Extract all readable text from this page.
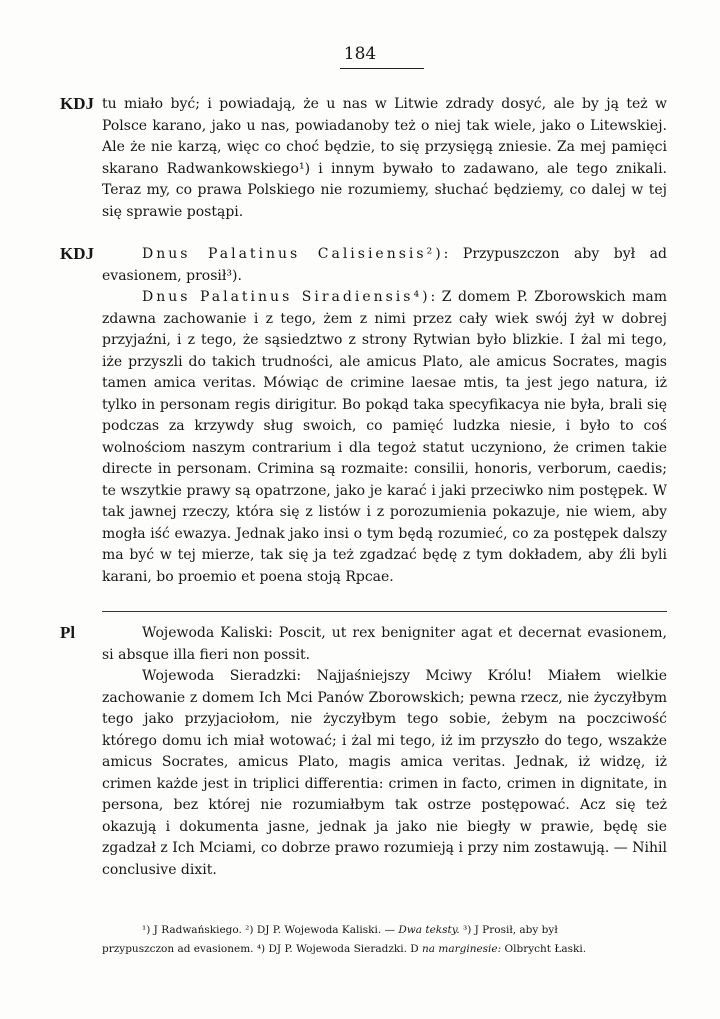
184
KDJ tu miało być; i powiadają, że u nas w Litwie zdrady dosyć, ale by ją też w Polsce karano, jako u nas, powiadanoby też o niej tak wiele, jako o Litewskiej. Ale że nie karzą, więc co choć będzie, to się przysięgą zniesie. Za mej pamięci skarano Radwankowskiego¹) i innym bywało to zadawano, ale tego znikali. Teraz my, co prawa Polskiego nie rozumiemy, słuchać będziemy, co dalej w tej się sprawie postąpi.

KDJ	Dnus Palatinus Calisiensis²): Przypuszczon aby był ad evasionem, prosił³).

Dnus Palatinus Siradiensis⁴): Z domem P. Zborowskich mam zdawna zachowanie i z tego, żem z nimi przez cały wiek swój żył w dobrej przyjaźni, i z tego, że sąsiedztwo z strony Rytwian było blizkie. I żal mi tego, iże przyszli do takich trudności, ale amicus Plato, ale amicus Socrates, magis tamen amica veritas. Mówiąc de crimine laesae mtis, ta jest jego natura, iż tylko in personam regis dirigitur. Bo pokąd taka specyfikacya nie była, brali się podczas za krzywdy sług swoich, co pamięć ludzka niesie, i było to coś wolnościom naszym contrarium i dla tegoż statut uczyniono, że crimen takie directe in personam. Crimina są rozmaite: consilii, honoris, verborum, caedis; te wszytkie prawy są opatrzone, jako je karać i jaki przeciwko nim postępek. W tak jawnej rzeczy, która się z listów i z porozumienia pokazuje, nie wiem, aby mogła iść ewazya. Jednak jako insi o tym będą rozumieć, co za postępek dalszy ma być w tej mierze, tak się ja też zgadzać będę z tym dokładem, aby źli byli karani, bo proemio et poena stoją Rpcae.

Pl	Wojewoda Kaliski: Poscit, ut rex benigniter agat et decernat evasionem, si absque illa fieri non possit.

Wojewoda Sieradzki: Najjaśniejszy Mciwy Królu! Miałem wielkie zachowanie z domem Ich Mci Panów Zborowskich; pewna rzecz, nie życzyłbym tego jako przyjaciołom, nie życzyłbym tego sobie, żebym na poczciwość którego domu ich miał wotować; i żal mi tego, iż im przyszło do tego, wszakże amicus Socrates, amicus Plato, magis amica veritas. Jednak, iż widzę, iż crimen każde jest in triplici differentia: crimen in facto, crimen in dignitate, in persona, bez której nie rozumiałbym tak ostrze postępować. Acz się też okazują i dokumenta jasne, jednak ja jako nie biegły w prawie, będę sie zgadzał z Ich Mciami, co dobrze prawo rozumieją i przy nim zostawują. — Nihil conclusive dixit.

¹) J Radwańskiego. ²) DJ P. Wojewoda Kaliski. — Dwa teksty. ³) J Prosił, aby był

przypuszczon ad evasionem. ⁴) DJ P. Wojewoda Sieradzki. D na marginesie: Olbrycht Łaski.
